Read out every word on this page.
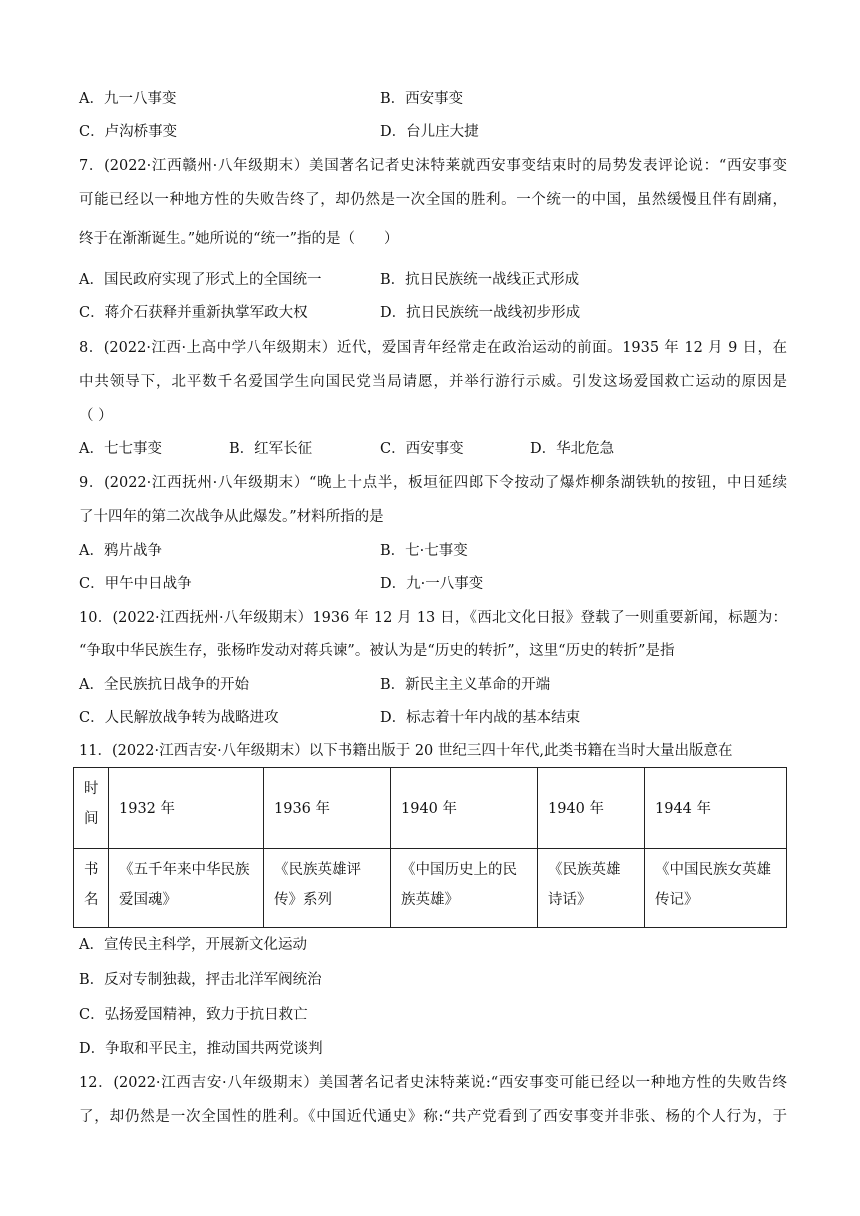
A．九一八事变	B．西安事变
C．卢沟桥事变	D．台儿庄大捷
7．(2022·江西赣州·八年级期末）美国著名记者史沫特莱就西安事变结束时的局势发表评论说：“西安事变
可能已经以一种地方性的失败告终了，却仍然是一次全国的胜利。一个统一的中国，虽然缓慢且伴有剧痛，
终于在渐渐诞生。”她所说的“统一”指的是（　　）
A．国民政府实现了形式上的全国统一	B．抗日民族统一战线正式形成
C．蒋介石获释并重新执掌军政大权	D．抗日民族统一战线初步形成
8．(2022·江西·上高中学八年级期末）近代，爱国青年经常走在政治运动的前面。1935 年 12 月 9 日，在
中共领导下，北平数千名爱国学生向国民党当局请愿，并举行游行示威。引发这场爱国救亡运动的原因是
（ ）
A．七七事变	B．红军长征	C．西安事变	D．华北危急
9．(2022·江西抚州·八年级期末）“晚上十点半，板垣征四郎下令按动了爆炸柳条湖铁轨的按钮，中日延续
了十四年的第二次战争从此爆发。”材料所指的是
A．鸦片战争	B．七·七事变
C．甲午中日战争	D．九·一八事变
10．(2022·江西抚州·八年级期末）1936 年 12 月 13 日，《西北文化日报》登载了一则重要新闻，标题为：
“争取中华民族生存，张杨昨发动对蒋兵谏”。被认为是“历史的转折”，这里“历史的转折”是指
A．全民族抗日战争的开始	B．新民主主义革命的开端
C．人民解放战争转为战略进攻	D．标志着十年内战的基本结束
11．(2022·江西吉安·八年级期末）以下书籍出版于 20 世纪三四十年代,此类书籍在当时大量出版意在
时间	1932 年	1936 年	1940 年	1940 年	1944 年

书名	《五千年来中华民族爱国魂》	《民族英雄评传》系列	《中国历史上的民族英雄》	《民族英雄诗话》	《中国民族女英雄传记》
A．宣传民主科学，开展新文化运动
B．反对专制独裁，抨击北洋军阀统治
C．弘扬爱国精神，致力于抗日救亡
D．争取和平民主，推动国共两党谈判
12．(2022·江西吉安·八年级期末）美国著名记者史沫特莱说:“西安事变可能已经以一种地方性的失败告终
了，却仍然是一次全国性的胜利。《中国近代通史》称:“共产党看到了西安事变并非张、杨的个人行为，于
